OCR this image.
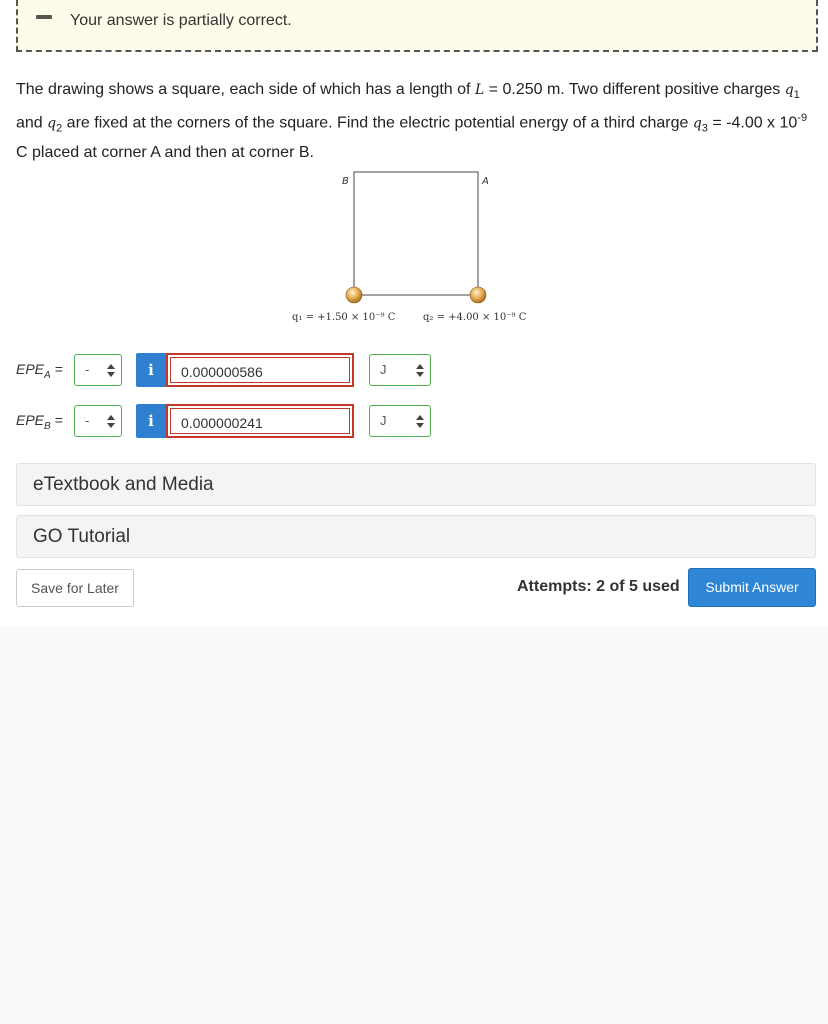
Your answer is partially correct.
The drawing shows a square, each side of which has a length of L = 0.250 m. Two different positive charges $q_1$ and $q_2$ are fixed at the corners of the square. Find the electric potential energy of a third charge $q_3 = -4.00$ x $10^{-9}$ C placed at corner A and then at corner B.
B	A
q₁ = +1.50 × 10⁻⁹ C	q₂ = +4.00 × 10⁻⁹ C
$EPE_A$ = -	i	0.000000586	J
$EPE_B$ = -	i	0.000000241	J
eTextbook and Media
GO Tutorial
Save for Later	Attempts: 2 of 5 used	Submit Answer
